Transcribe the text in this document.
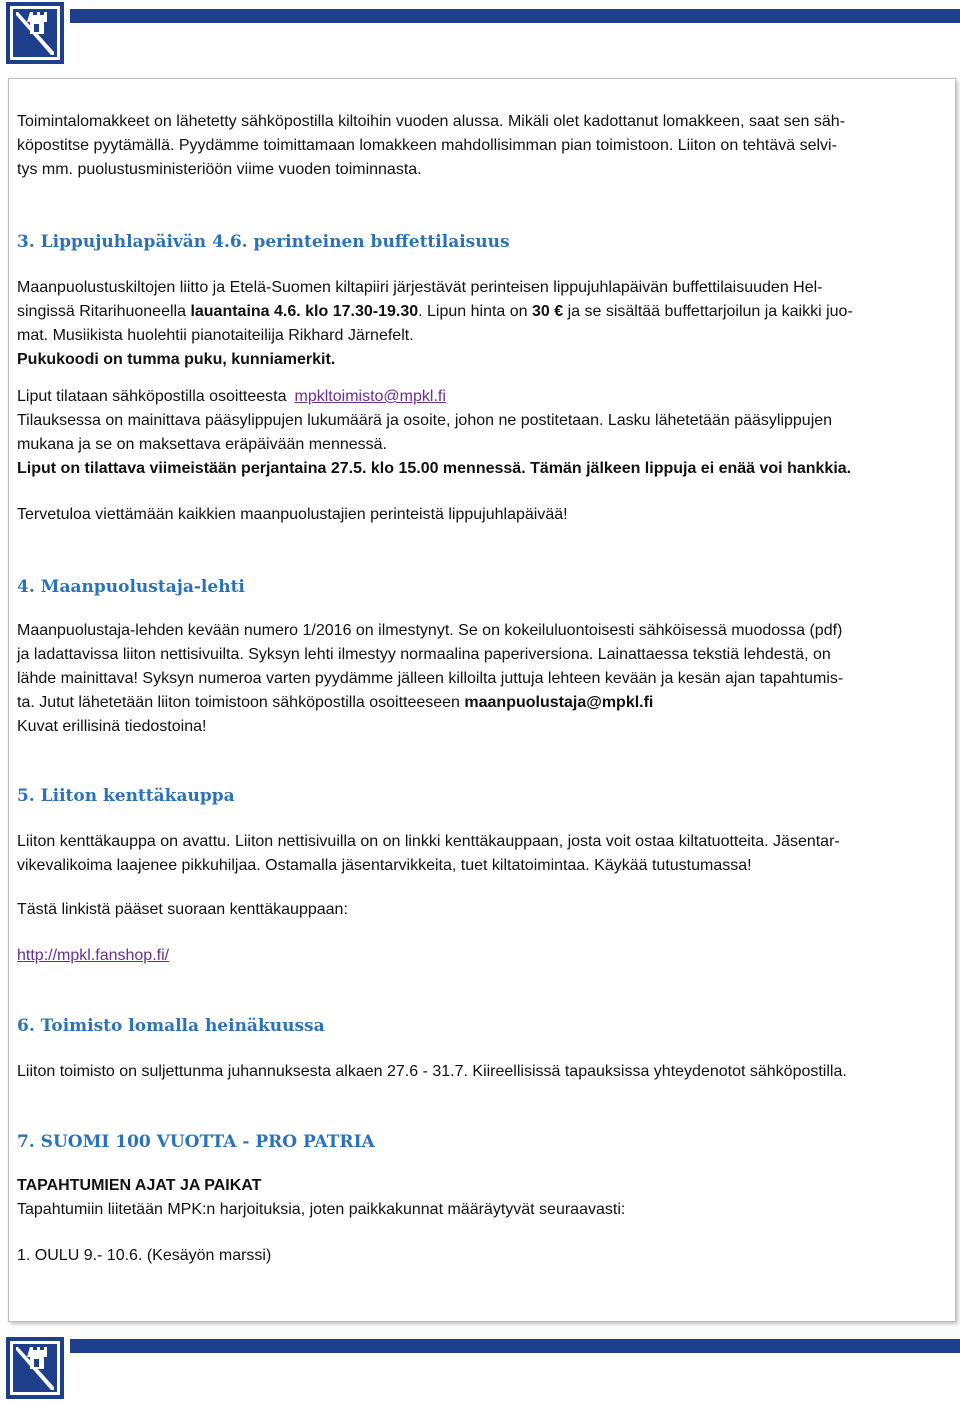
Toimintalomakkeet on lähetetty sähköpostilla kiltoihin vuoden alussa. Mikäli olet kadottanut lomakkeen, saat sen säh-

köpostitse pyytämällä. Pyydämme toimittamaan lomakkeen mahdollisimman pian toimistoon. Liiton on tehtävä selvi-

tys mm. puolustusministeriöön viime vuoden toiminnasta.

3. Lippujuhlapäivän 4.6. perinteinen buffettilaisuus

Maanpuolustuskiltojen liitto ja Etelä-Suomen kiltapiiri järjestävät perinteisen lippujuhlapäivän buffettilaisuuden Hel-

singissä Ritarihuoneella lauantaina 4.6. klo 17.30-19.30. Lipun hinta on 30 € ja se sisältää buffettarjoilun ja kaikki juo-

mat. Musiikista huolehtii pianotaiteilija Rikhard Järnefelt.

Pukukoodi on tumma puku, kunniamerkit.

Liput tilataan sähköpostilla osoitteesta mpkltoimisto@mpkl.fi

Tilauksessa on mainittava pääsylippujen lukumäärä ja osoite, johon ne postitetaan. Lasku lähetetään pääsylippujen

mukana ja se on maksettava eräpäivään mennessä.

Liput on tilattava viimeistään perjantaina 27.5. klo 15.00 mennessä. Tämän jälkeen lippuja ei enää voi hankkia.

Tervetuloa viettämään kaikkien maanpuolustajien perinteistä lippujuhlapäivää!

4. Maanpuolustaja-lehti

Maanpuolustaja-lehden kevään numero 1/2016 on ilmestynyt. Se on kokeiluluontoisesti sähköisessä muodossa (pdf)

ja ladattavissa liiton nettisivuilta. Syksyn lehti ilmestyy normaalina paperiversiona. Lainattaessa tekstiä lehdestä, on

lähde mainittava! Syksyn numeroa varten pyydämme jälleen killoilta juttuja lehteen kevään ja kesän ajan tapahtumis-

ta. Jutut lähetetään liiton toimistoon sähköpostilla osoitteeseen maanpuolustaja@mpkl.fi

Kuvat erillisinä tiedostoina!

5. Liiton kenttäkauppa

Liiton kenttäkauppa on avattu. Liiton nettisivuilla on on linkki kenttäkauppaan, josta voit ostaa kiltatuotteita. Jäsentar-

vikevalikoima laajenee pikkuhiljaa. Ostamalla jäsentarvikkeita, tuet kiltatoimintaa. Käykää tutustumassa!

Tästä linkistä pääset suoraan kenttäkauppaan:

http://mpkl.fanshop.fi/

6. Toimisto lomalla heinäkuussa

Liiton toimisto on suljettunma juhannuksesta alkaen 27.6 - 31.7. Kiireellisissä tapauksissa yhteydenotot sähköpostilla.

7. SUOMI 100 VUOTTA - PRO PATRIA

TAPAHTUMIEN AJAT JA PAIKAT

Tapahtumiin liitetään MPK:n harjoituksia, joten paikkakunnat määräytyvät seuraavasti:

1. OULU 9.- 10.6. (Kesäyön marssi)
